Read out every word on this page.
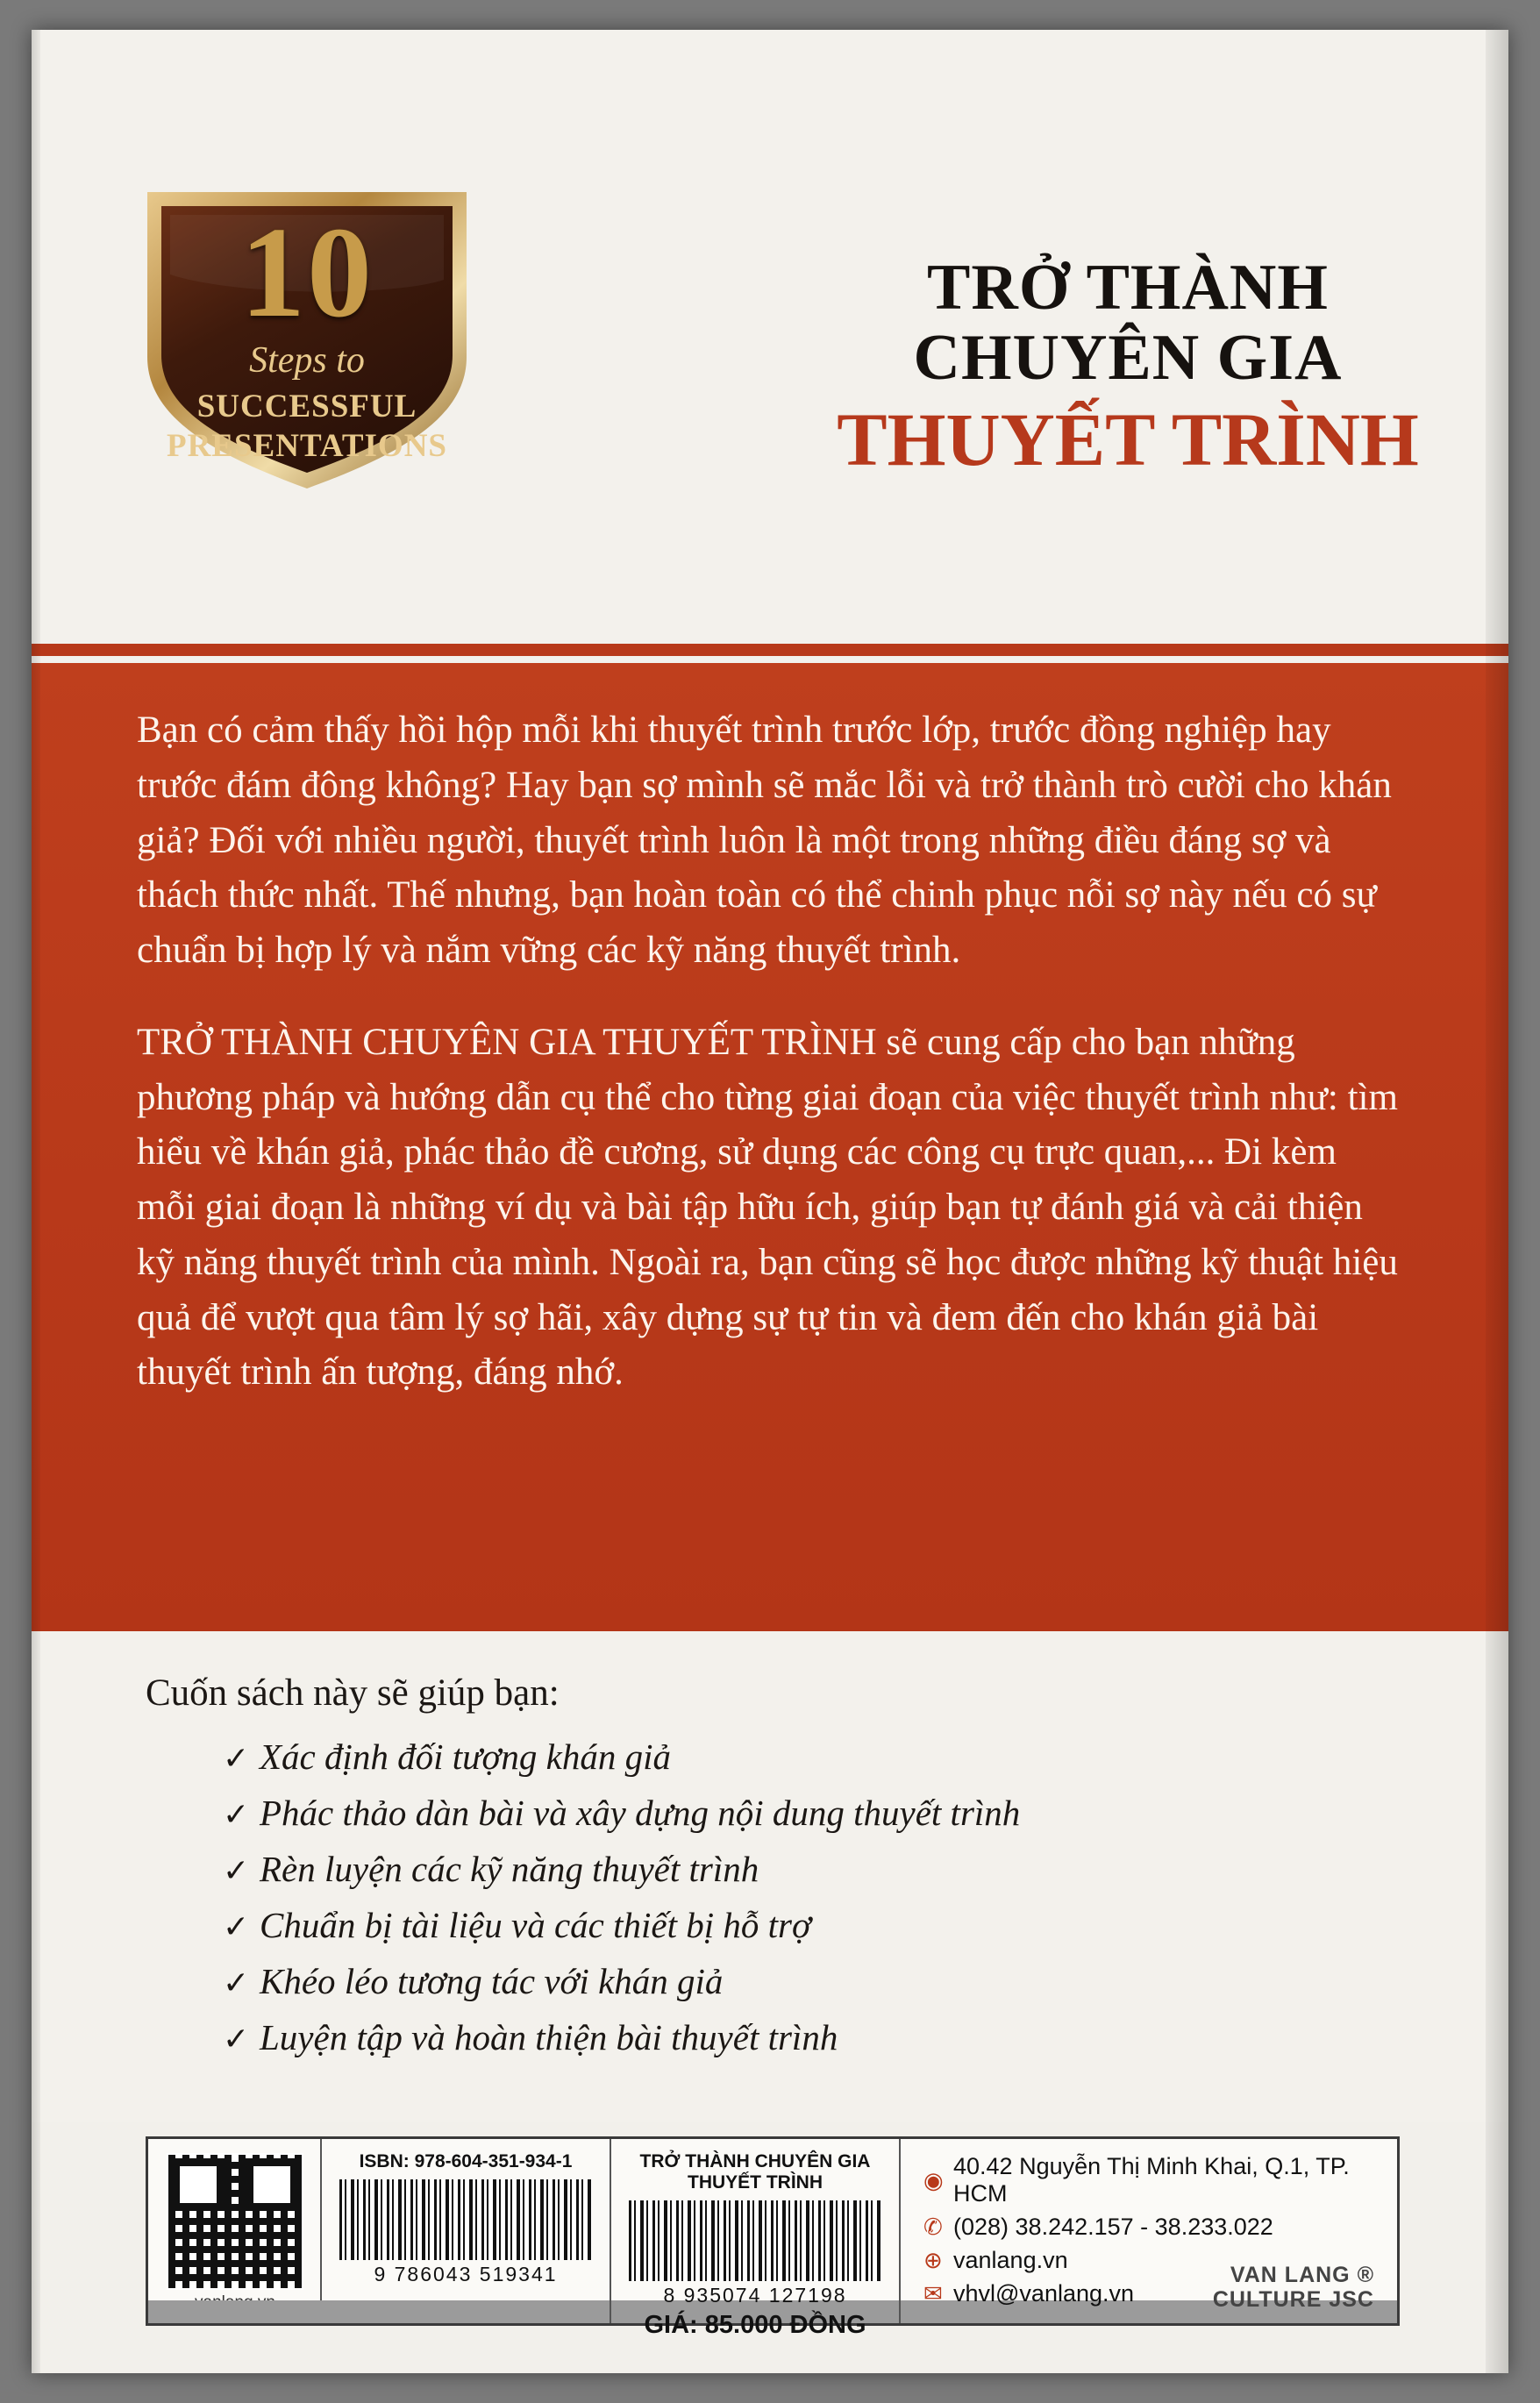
10
Steps to
SUCCESSFUL
PRESENTATIONS
TRỞ THÀNH
CHUYÊN GIA
THUYẾT TRÌNH
Bạn có cảm thấy hồi hộp mỗi khi thuyết trình trước lớp, trước đồng nghiệp hay trước đám đông không? Hay bạn sợ mình sẽ mắc lỗi và trở thành trò cười cho khán giả? Đối với nhiều người, thuyết trình luôn là một trong những điều đáng sợ và thách thức nhất. Thế nhưng, bạn hoàn toàn có thể chinh phục nỗi sợ này nếu có sự chuẩn bị hợp lý và nắm vững các kỹ năng thuyết trình.
TRỞ THÀNH CHUYÊN GIA THUYẾT TRÌNH sẽ cung cấp cho bạn những phương pháp và hướng dẫn cụ thể cho từng giai đoạn của việc thuyết trình như: tìm hiểu về khán giả, phác thảo đề cương, sử dụng các công cụ trực quan,... Đi kèm mỗi giai đoạn là những ví dụ và bài tập hữu ích, giúp bạn tự đánh giá và cải thiện kỹ năng thuyết trình của mình. Ngoài ra, bạn cũng sẽ học được những kỹ thuật hiệu quả để vượt qua tâm lý sợ hãi, xây dựng sự tự tin và đem đến cho khán giả bài thuyết trình ấn tượng, đáng nhớ.
Cuốn sách này sẽ giúp bạn:
✓ Xác định đối tượng khán giả
✓ Phác thảo dàn bài và xây dựng nội dung thuyết trình
✓ Rèn luyện các kỹ năng thuyết trình
✓ Chuẩn bị tài liệu và các thiết bị hỗ trợ
✓ Khéo léo tương tác với khán giả
✓ Luyện tập và hoàn thiện bài thuyết trình
ISBN: 978-604-351-934-1
9 786043 519341
TRỞ THÀNH CHUYÊN GIA THUYẾT TRÌNH
8 935074 127198
GIÁ: 85.000 ĐỒNG
◉
40.42 Nguyễn Thị Minh Khai, Q.1, TP. HCM
✆ (028) 38.242.157 - 38.233.022
⊕ vanlang.vn
✉ vhvl@vanlang.vn
VAN LANG ®
CULTURE JSC
